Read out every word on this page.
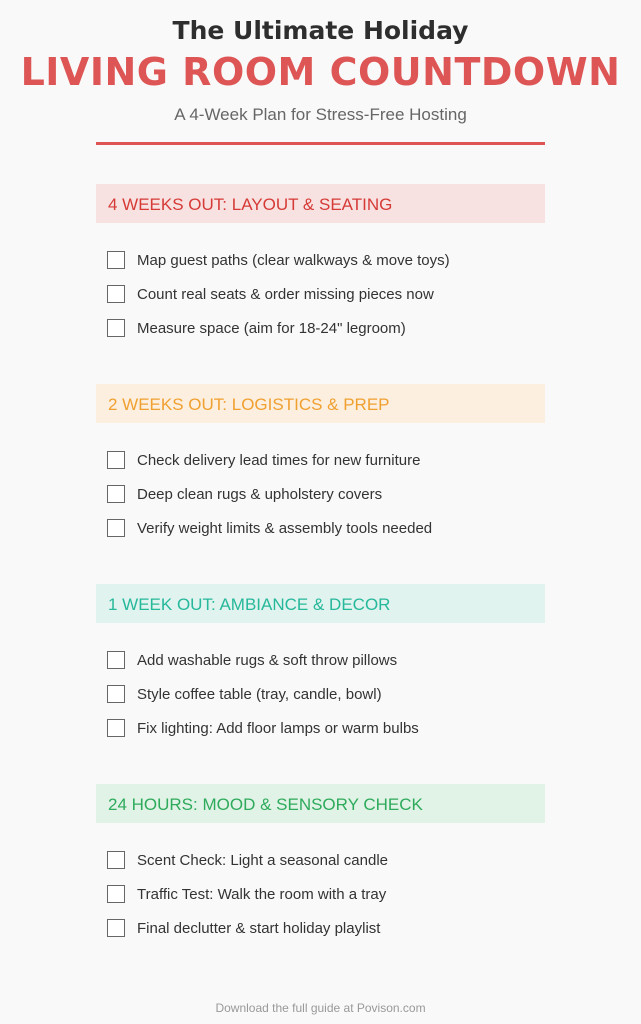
The Ultimate Holiday
LIVING ROOM COUNTDOWN
A 4-Week Plan for Stress-Free Hosting
4 WEEKS OUT: LAYOUT & SEATING
Map guest paths (clear walkways & move toys)
Count real seats & order missing pieces now
Measure space (aim for 18-24" legroom)
2 WEEKS OUT: LOGISTICS & PREP
Check delivery lead times for new furniture
Deep clean rugs & upholstery covers
Verify weight limits & assembly tools needed
1 WEEK OUT: AMBIANCE & DECOR
Add washable rugs & soft throw pillows
Style coffee table (tray, candle, bowl)
Fix lighting: Add floor lamps or warm bulbs
24 HOURS: MOOD & SENSORY CHECK
Scent Check: Light a seasonal candle
Traffic Test: Walk the room with a tray
Final declutter & start holiday playlist
Download the full guide at Povison.com
